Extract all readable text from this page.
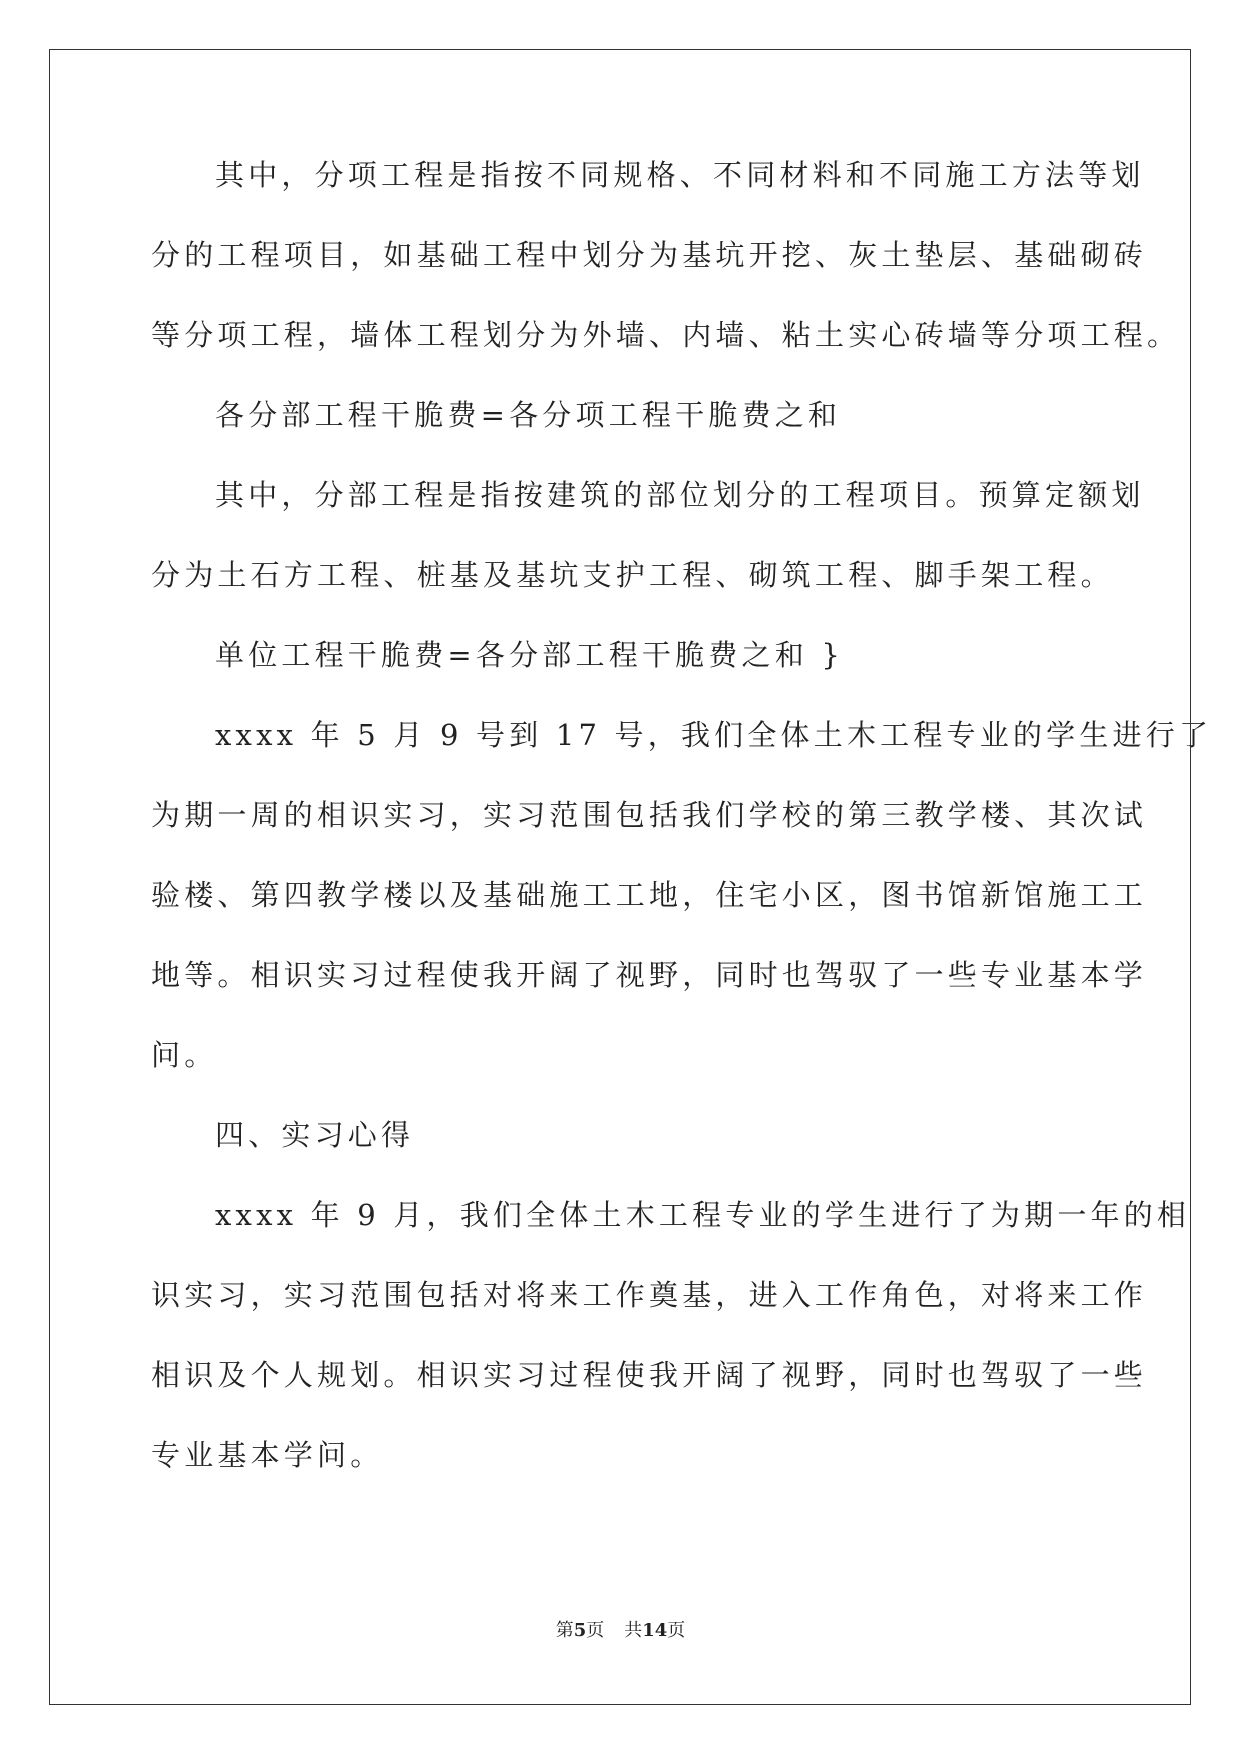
其中，分项工程是指按不同规格、不同材料和不同施工方法等划
分的工程项目，如基础工程中划分为基坑开挖、灰土垫层、基础砌砖
等分项工程，墙体工程划分为外墙、内墙、粘土实心砖墙等分项工程。
各分部工程干脆费=各分项工程干脆费之和
其中，分部工程是指按建筑的部位划分的工程项目。预算定额划
分为土石方工程、桩基及基坑支护工程、砌筑工程、脚手架工程。
单位工程干脆费=各分部工程干脆费之和 }
xxxx 年 5 月 9 号到 17 号，我们全体土木工程专业的学生进行了
为期一周的相识实习，实习范围包括我们学校的第三教学楼、其次试
验楼、第四教学楼以及基础施工工地，住宅小区，图书馆新馆施工工
地等。相识实习过程使我开阔了视野，同时也驾驭了一些专业基本学
问。
四、实习心得
xxxx 年 9 月，我们全体土木工程专业的学生进行了为期一年的相
识实习，实习范围包括对将来工作奠基，进入工作角色，对将来工作
相识及个人规划。相识实习过程使我开阔了视野，同时也驾驭了一些
专业基本学问。
第5页 共14页
